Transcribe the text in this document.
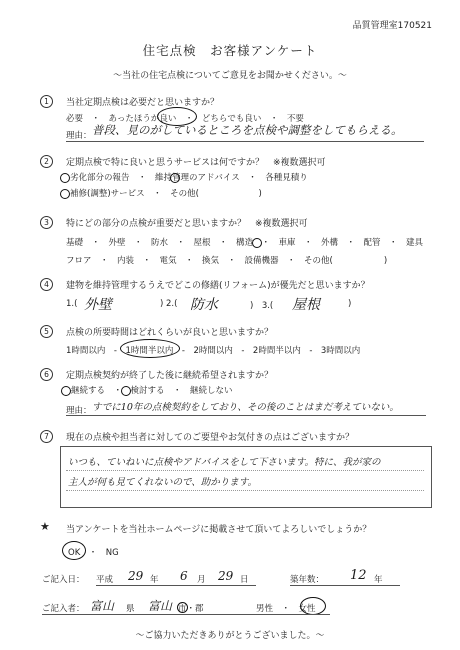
品質管理室170521
住宅点検　お客様アンケート
～当社の住宅点検についてご意見をお聞かせください。～
1	当社定期点検は必要だと思いますか？
必要　・　あったほうが良い　・　どちらでも良い　・　不要
理由： 普段、見のがしているところを点検や調整をしてもらえる。
2	定期点検で特に良いと思うサービスは何ですか？　※複数選択可
劣化部分の報告　・　維持管理のアドバイス　・　各種見積り
補修(調整)サービス　・　その他(　　　　　　　)
3	特にどの部分の点検が重要だと思いますか？　※複数選択可
基礎　・　外壁　・　防水　・　屋根　・　構造　・　車庫　・　外構　・　配管　・　建具
フロア　・　内装　・　電気　・　換気　・　設備機器　・　その他(　　　　　　)
4	建物を維持管理するうえでどこの修繕(リフォーム)が優先だと思いますか？
1.( 外壁	) 2.( 防水	)　3.( 屋根	)
5	点検の所要時間はどれくらいが良いと思いますか？
1時間以内　-　1時間半以内　-　2時間以内　-　2時間半以内　-　3時間以内
6	定期点検契約が終了した後に継続希望されますか？
継続する　・　検討する　・　継続しない
理由： すでに10年の点検契約をしており、その後のことはまだ考えていない。
7	現在の点検や担当者に対してのご要望やお気付きの点はございますか？
いつも、ていねいに点検やアドバイスをして下さいます。特に、我が家の
主人が何も見てくれないので、助かります。
★ 当アンケートを当社ホームページに掲載させて頂いてよろしいでしょうか？
OK　・　NG
ご記入日： 平成 29 年 6 月 29 日	築年数： 12 年
ご記入者： 富山 県 富山 市・郡	男性　・　女性
～ご協力いただきありがとうございました。～
